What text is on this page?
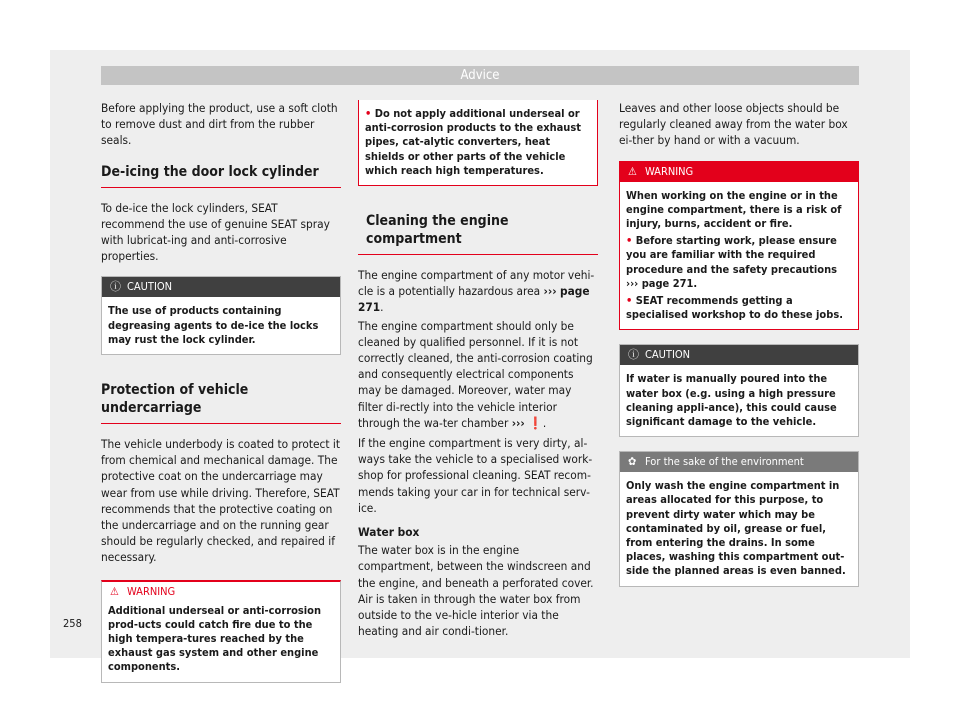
Advice

Before applying the product, use a soft cloth to remove dust and dirt from the rubber seals.

De-icing the door lock cylinder

To de-ice the lock cylinders, SEAT recommend the use of genuine SEAT spray with lubricat-ing and anti-corrosive properties.

ⓘ CAUTION
The use of products containing degreasing agents to de-ice the locks may rust the lock cylinder.
Protection of vehicle undercarriage

The vehicle underbody is coated to protect it from chemical and mechanical damage. The protective coat on the undercarriage may wear from use while driving. Therefore, SEAT recommends that the protective coating on the undercarriage and on the running gear should be regularly checked, and repaired if necessary.

⚠ WARNING
Additional underseal or anti-corrosion prod-ucts could catch fire due to the high tempera-tures reached by the exhaust gas system and other engine components.
• Do not apply additional underseal or anti-corrosion products to the exhaust pipes, cat-alytic converters, heat shields or other parts of the vehicle which reach high temperatures.
Cleaning the engine compartment

The engine compartment of any motor vehi-cle is a potentially hazardous area ››› page 271.

The engine compartment should only be cleaned by qualified personnel. If it is not correctly cleaned, the anti-corrosion coating and consequently electrical components may be damaged. Moreover, water may filter di-rectly into the vehicle interior through the wa-ter chamber ››› ❗.

If the engine compartment is very dirty, al-ways take the vehicle to a specialised work-shop for professional cleaning. SEAT recom-mends taking your car in for technical serv-ice.

Water box

The water box is in the engine compartment, between the windscreen and the engine, and beneath a perforated cover. Air is taken in through the water box from outside to the ve-hicle interior via the heating and air condi-tioner.

Leaves and other loose objects should be regularly cleaned away from the water box ei-ther by hand or with a vacuum.

⚠ WARNING
When working on the engine or in the engine compartment, there is a risk of injury, burns, accident or fire.
• Before starting work, please ensure you are familiar with the required procedure and the safety precautions ››› page 271.
• SEAT recommends getting a specialised workshop to do these jobs.
ⓘ CAUTION
If water is manually poured into the water box (e.g. using a high pressure cleaning appli-ance), this could cause significant damage to the vehicle.
✿ For the sake of the environment
Only wash the engine compartment in areas allocated for this purpose, to prevent dirty water which may be contaminated by oil, grease or fuel, from entering the drains. In some places, washing this compartment out-side the planned areas is even banned.
258
